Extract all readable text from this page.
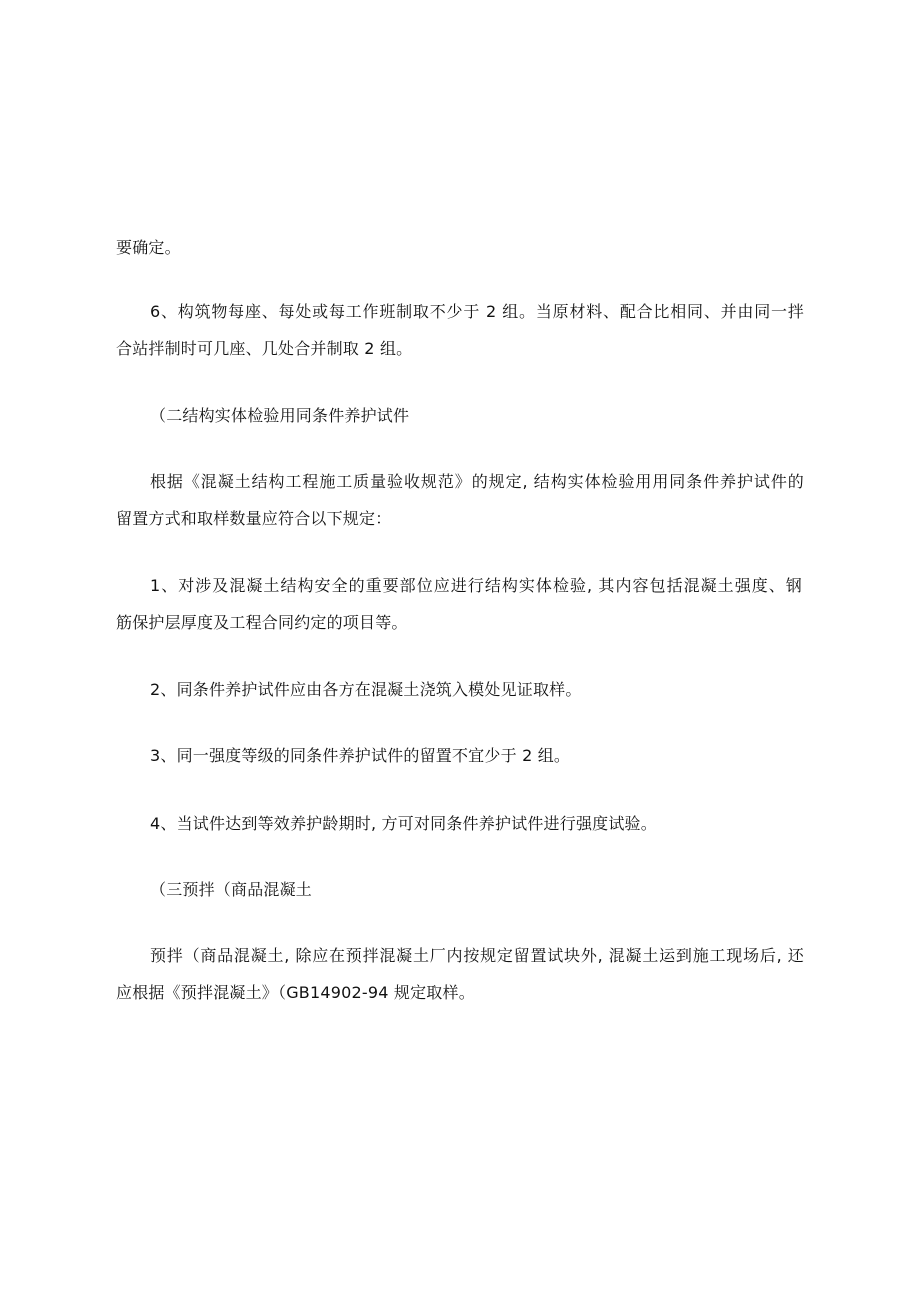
要确定。

6、构筑物每座、每处或每工作班制取不少于 2 组。当原材料、配合比相同、并由同一拌

合站拌制时可几座、几处合并制取 2 组。

（二结构实体检验用同条件养护试件

根据《混凝土结构工程施工质量验收规范》的规定, 结构实体检验用用同条件养护试件的

留置方式和取样数量应符合以下规定：

1、对涉及混凝土结构安全的重要部位应进行结构实体检验, 其内容包括混凝土强度、钢

筋保护层厚度及工程合同约定的项目等。

2、同条件养护试件应由各方在混凝土浇筑入模处见证取样。

3、同一强度等级的同条件养护试件的留置不宜少于 2 组。

4、当试件达到等效养护龄期时, 方可对同条件养护试件进行强度试验。

（三预拌（商品混凝土

预拌（商品混凝土, 除应在预拌混凝土厂内按规定留置试块外, 混凝土运到施工现场后, 还

应根据《预拌混凝土》（GB14902-94 规定取样。
